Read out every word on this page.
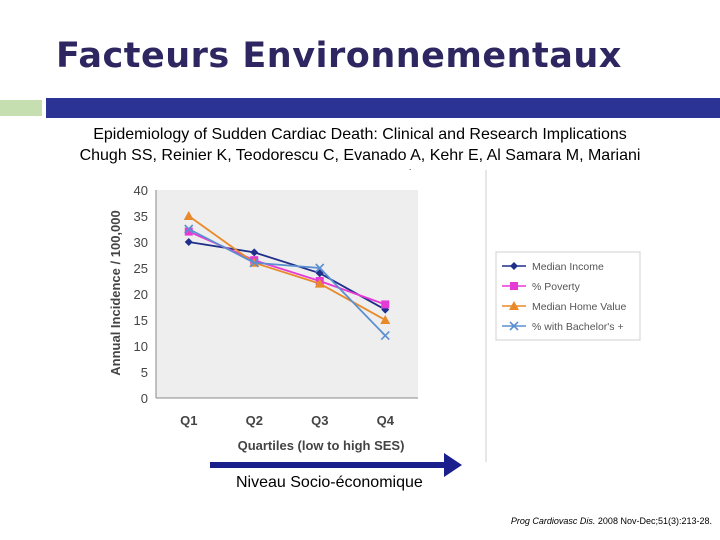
Facteurs Environnementaux
Epidemiology of Sudden Cardiac Death: Clinical and Research Implications
Chugh SS, Reinier K, Teodorescu C, Evanado A, Kehr E, Al Samara M, Mariani
0
5
10
15
20
25
30
35
40
Q1	Q2	Q3	Q4
Annual Incidence / 100,000
Quartiles (low to high SES)
Median Income
% Poverty
Median Home Value
% with Bachelor's +
Niveau Socio-économique
Prog Cardiovasc Dis. 2008 Nov-Dec;51(3):213-28.
